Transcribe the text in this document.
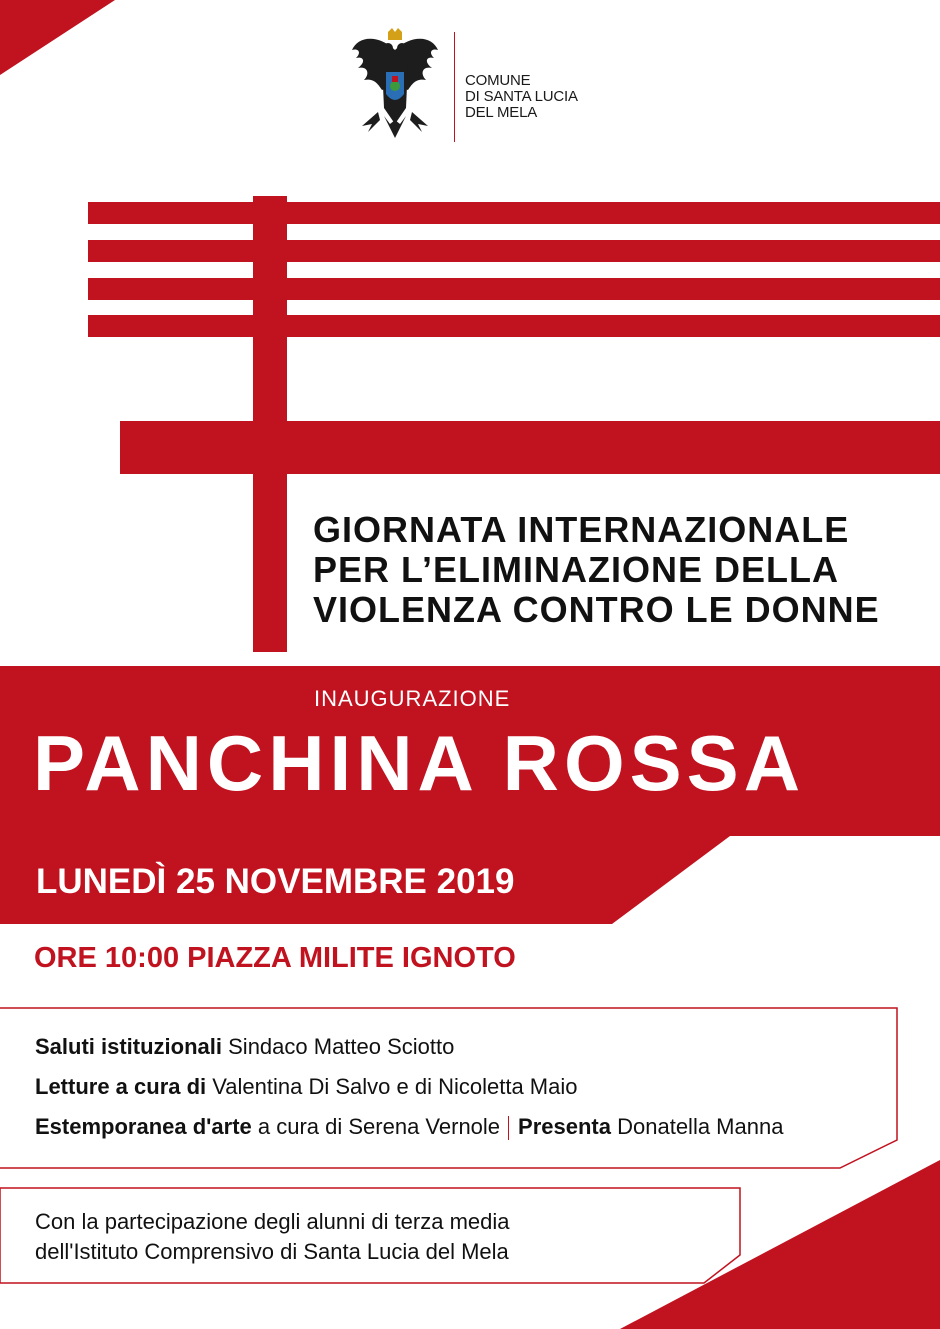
COMUNE
DI SANTA LUCIA
DEL MELA
GIORNATA INTERNAZIONALE
PER L’ELIMINAZIONE DELLA
VIOLENZA CONTRO LE DONNE
INAUGURAZIONE
PANCHINA ROSSA
LUNEDÌ 25 NOVEMBRE 2019
ORE 10:00 PIAZZA MILITE IGNOTO
Saluti istituzionali Sindaco Matteo Sciotto
Letture a cura di Valentina Di Salvo e di Nicoletta Maio
Estemporanea d'arte a cura di Serena Vernole Presenta Donatella Manna
Con la partecipazione degli alunni di terza media
dell'Istituto Comprensivo di Santa Lucia del Mela
